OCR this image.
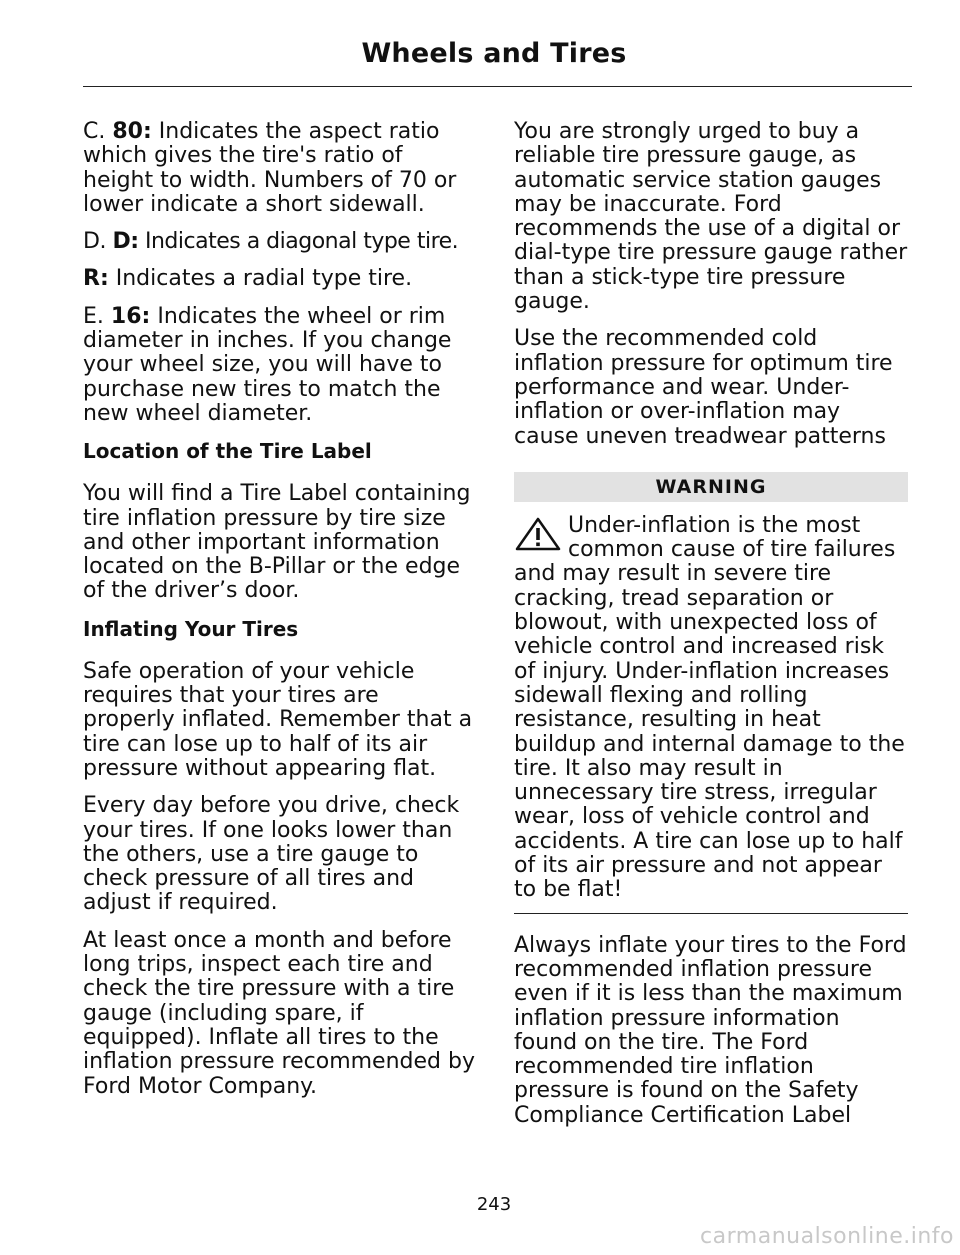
Wheels and Tires

C. 80: Indicates the aspect ratio which gives the tire's ratio of height to width. Numbers of 70 or lower indicate a short sidewall.

D. D: Indicates a diagonal type tire.

R: Indicates a radial type tire.

E. 16: Indicates the wheel or rim diameter in inches. If you change your wheel size, you will have to purchase new tires to match the new wheel diameter.

Location of the Tire Label

You will find a Tire Label containing tire inflation pressure by tire size and other important information located on the B-Pillar or the edge of the driver’s door.

Inflating Your Tires

Safe operation of your vehicle requires that your tires are properly inflated. Remember that a tire can lose up to half of its air pressure without appearing flat.

Every day before you drive, check your tires. If one looks lower than the others, use a tire gauge to check pressure of all tires and adjust if required.

At least once a month and before long trips, inspect each tire and check the tire pressure with a tire gauge (including spare, if equipped). Inflate all tires to the inflation pressure recommended by Ford Motor Company.

You are strongly urged to buy a reliable tire pressure gauge, as automatic service station gauges may be inaccurate. Ford recommends the use of a digital or dial-type tire pressure gauge rather than a stick-type tire pressure gauge.

Use the recommended cold inflation pressure for optimum tire performance and wear. Under-inflation or over-inflation may cause uneven treadwear patterns

WARNING

Under-inflation is the most common cause of tire failures and may result in severe tire cracking, tread separation or blowout, with unexpected loss of vehicle control and increased risk of injury. Under-inflation increases sidewall flexing and rolling resistance, resulting in heat buildup and internal damage to the tire. It also may result in unnecessary tire stress, irregular wear, loss of vehicle control and accidents. A tire can lose up to half of its air pressure and not appear to be flat!

Always inflate your tires to the Ford recommended inflation pressure even if it is less than the maximum inflation pressure information found on the tire. The Ford recommended tire inflation pressure is found on the Safety Compliance Certification Label

243
carmanualsonline.info
